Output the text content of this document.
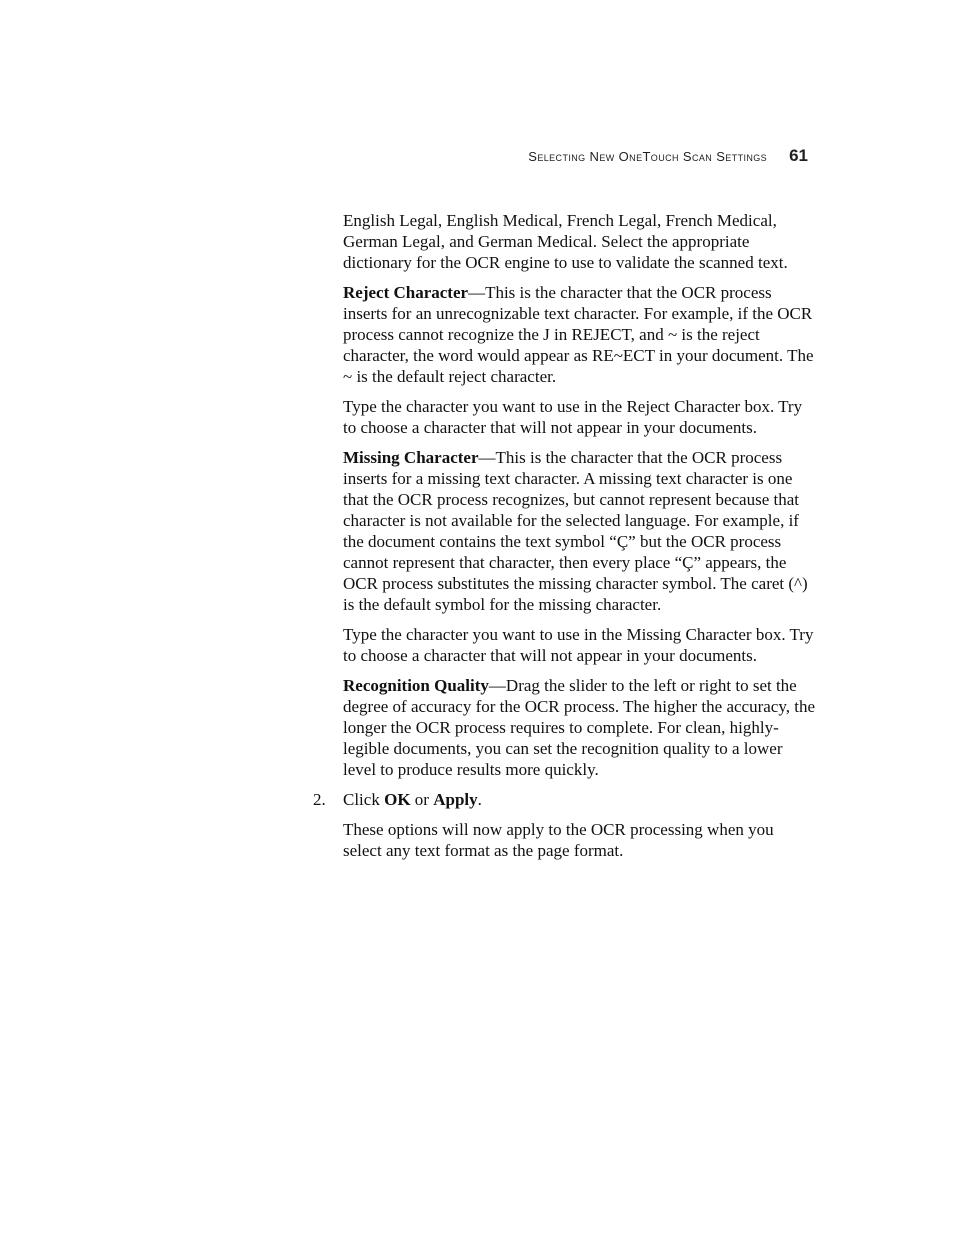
Selecting New OneTouch Scan Settings 61

English Legal, English Medical, French Legal, French Medical, German Legal, and German Medical. Select the appropriate dictionary for the OCR engine to use to validate the scanned text.

Reject Character—This is the character that the OCR process inserts for an unrecognizable text character. For example, if the OCR process cannot recognize the J in REJECT, and ~ is the reject character, the word would appear as RE~ECT in your document. The ~ is the default reject character.

Type the character you want to use in the Reject Character box. Try to choose a character that will not appear in your documents.

Missing Character—This is the character that the OCR process inserts for a missing text character. A missing text character is one that the OCR process recognizes, but cannot represent because that character is not available for the selected language. For example, if the document contains the text symbol “Ç” but the OCR process cannot represent that character, then every place “Ç” appears, the OCR process substitutes the missing character symbol. The caret (^) is the default symbol for the missing character.

Type the character you want to use in the Missing Character box. Try to choose a character that will not appear in your documents.

Recognition Quality—Drag the slider to the left or right to set the degree of accuracy for the OCR process. The higher the accuracy, the longer the OCR process requires to complete. For clean, highly-legible documents, you can set the recognition quality to a lower level to produce results more quickly.

2. Click OK or Apply.

These options will now apply to the OCR processing when you select any text format as the page format.
